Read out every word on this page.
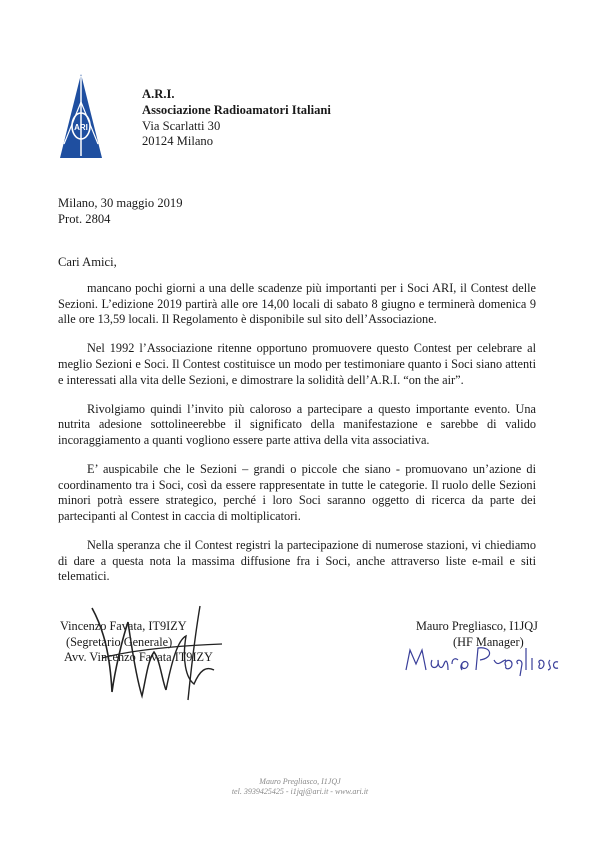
ARI
A.R.I.
Associazione Radioamatori Italiani
Via Scarlatti 30
20124 Milano
Milano, 30 maggio 2019
Prot. 2804
Cari Amici,

mancano pochi giorni a una delle scadenze più importanti per i Soci ARI, il Contest delle Sezioni. L’edizione 2019 partirà alle ore 14,00 locali di sabato 8 giugno e terminerà domenica 9 alle ore 13,59 locali. Il Regolamento è disponibile sul sito dell’Associazione.

Nel 1992 l’Associazione ritenne opportuno promuovere questo Contest per celebrare al meglio Sezioni e Soci. Il Contest costituisce un modo per testimoniare quanto i Soci siano attenti e interessati alla vita delle Sezioni, e dimostrare la solidità dell’A.R.I. “on the air”.

Rivolgiamo quindi l’invito più caloroso a partecipare a questo importante evento. Una nutrita adesione sottolineerebbe il significato della manifestazione e sarebbe di valido incoraggiamento a quanti vogliono essere parte attiva della vita associativa.

E’ auspicabile che le Sezioni – grandi o piccole che siano - promuovano un’azione di coordinamento tra i Soci, così da essere rappresentate in tutte le categorie. Il ruolo delle Sezioni minori potrà essere strategico, perché i loro Soci saranno oggetto di ricerca da parte dei partecipanti al Contest in caccia di moltiplicatori.

Nella speranza che il Contest registri la partecipazione di numerose stazioni, vi chiediamo di dare a questa nota la massima diffusione fra i Soci, anche attraverso liste e-mail e siti telematici.

Vincenzo Favata, IT9IZY
(Segretario Generale)
Avv. Vincenzo Favata IT9IZY
Mauro Pregliasco, I1JQJ
(HF Manager)
Mauro Pregliasco, I1JQJ
tel. 3939425425 - i1jqj@ari.it - www.ari.it
